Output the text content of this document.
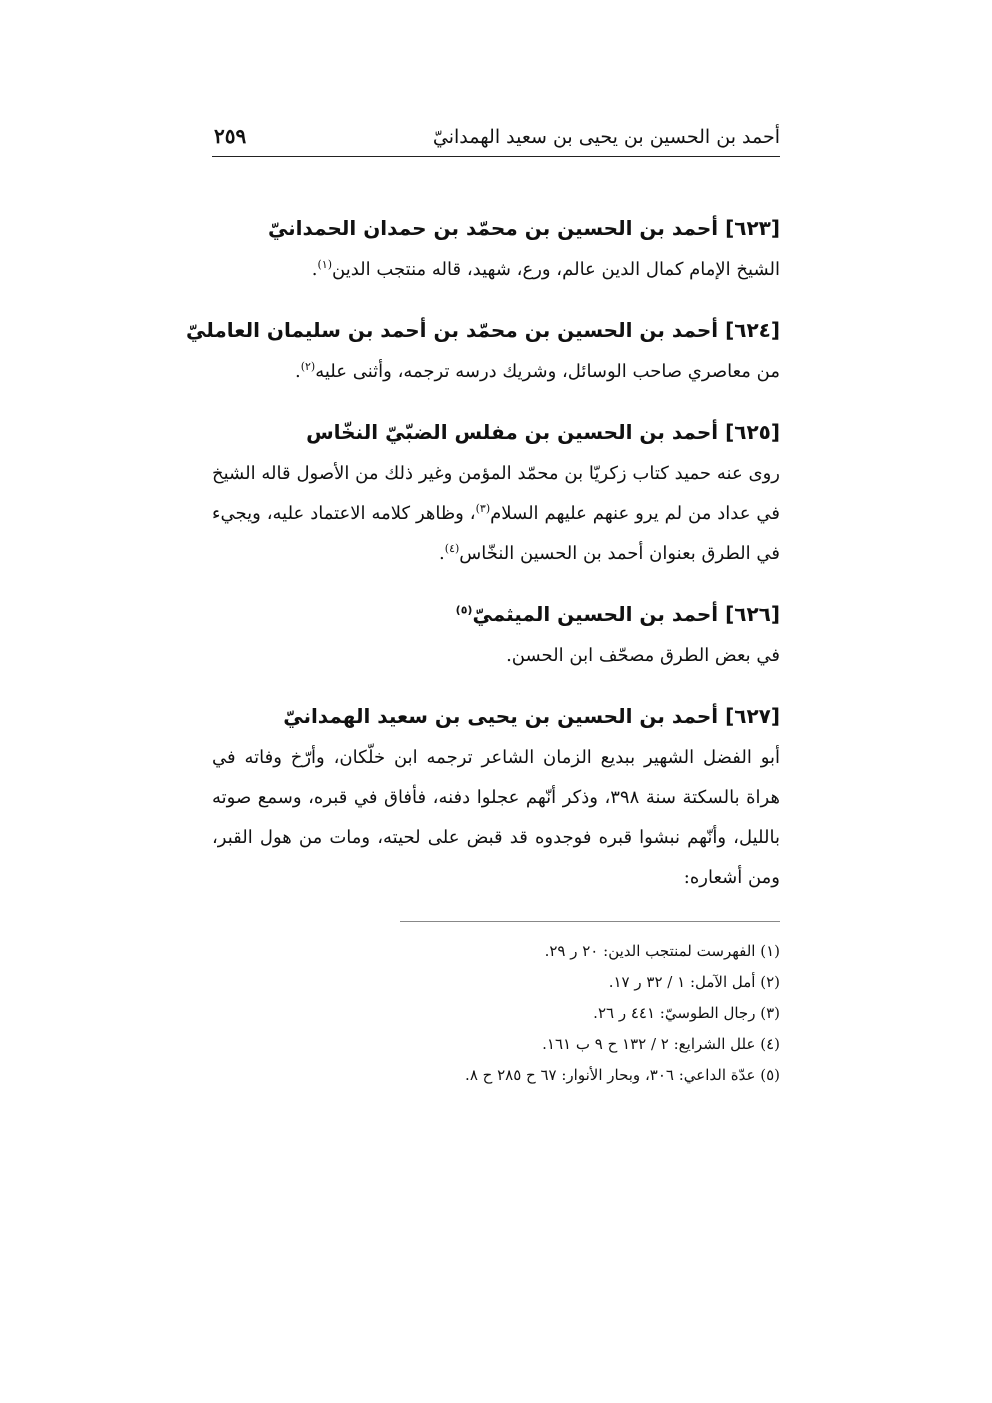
أحمد بن الحسين بن يحيى بن سعيد الهمدانيّ
٢٥٩
[٦٢٣] أحمد بن الحسين بن محمّد بن حمدان الحمدانيّ

الشيخ الإمام كمال الدين عالم، ورع، شهيد، قاله منتجب الدين$^{(١)}$.

[٦٢٤] أحمد بن الحسين بن محمّد بن أحمد بن سليمان العامليّ

من معاصري صاحب الوسائل، وشريك درسه ترجمه، وأثنى عليه$^{(٢)}$.

[٦٢٥] أحمد بن الحسين بن مفلس الضبّيّ النخّاس

روى عنه حميد كتاب زكريّا بن محمّد المؤمن وغير ذلك من الأصول قاله الشيخ في عداد من لم يرو عنهم عليهم السلام$^{(٣)}$، وظاهر كلامه الاعتماد عليه، ويجيء في الطرق بعنوان أحمد بن الحسين النخّاس$^{(٤)}$.

[٦٢٦] أحمد بن الحسين الميثميّ$^{(٥)}$

في بعض الطرق مصحّف ابن الحسن.

[٦٢٧] أحمد بن الحسين بن يحيى بن سعيد الهمدانيّ

أبو الفضل الشهير ببديع الزمان الشاعر ترجمه ابن خلّكان، وأرّخ وفاته في هراة بالسكتة سنة ٣٩٨، وذكر أنّهم عجلوا دفنه، فأفاق في قبره، وسمع صوته بالليل، وأنّهم نبشوا قبره فوجدوه قد قبض على لحيته، ومات من هول القبر، ومن أشعاره:

(١) الفهرست لمنتجب الدين: ٢٠ ر ٢٩.
(٢) أمل الآمل: ١ / ٣٢ ر ١٧.
(٣) رجال الطوسيّ: ٤٤١ ر ٢٦.
(٤) علل الشرايع: ٢ / ١٣٢ ح ٩ ب ١٦١.
(٥) عدّة الداعي: ٣٠٦، وبحار الأنوار: ٦٧ ح ٢٨٥ ح ٨.
